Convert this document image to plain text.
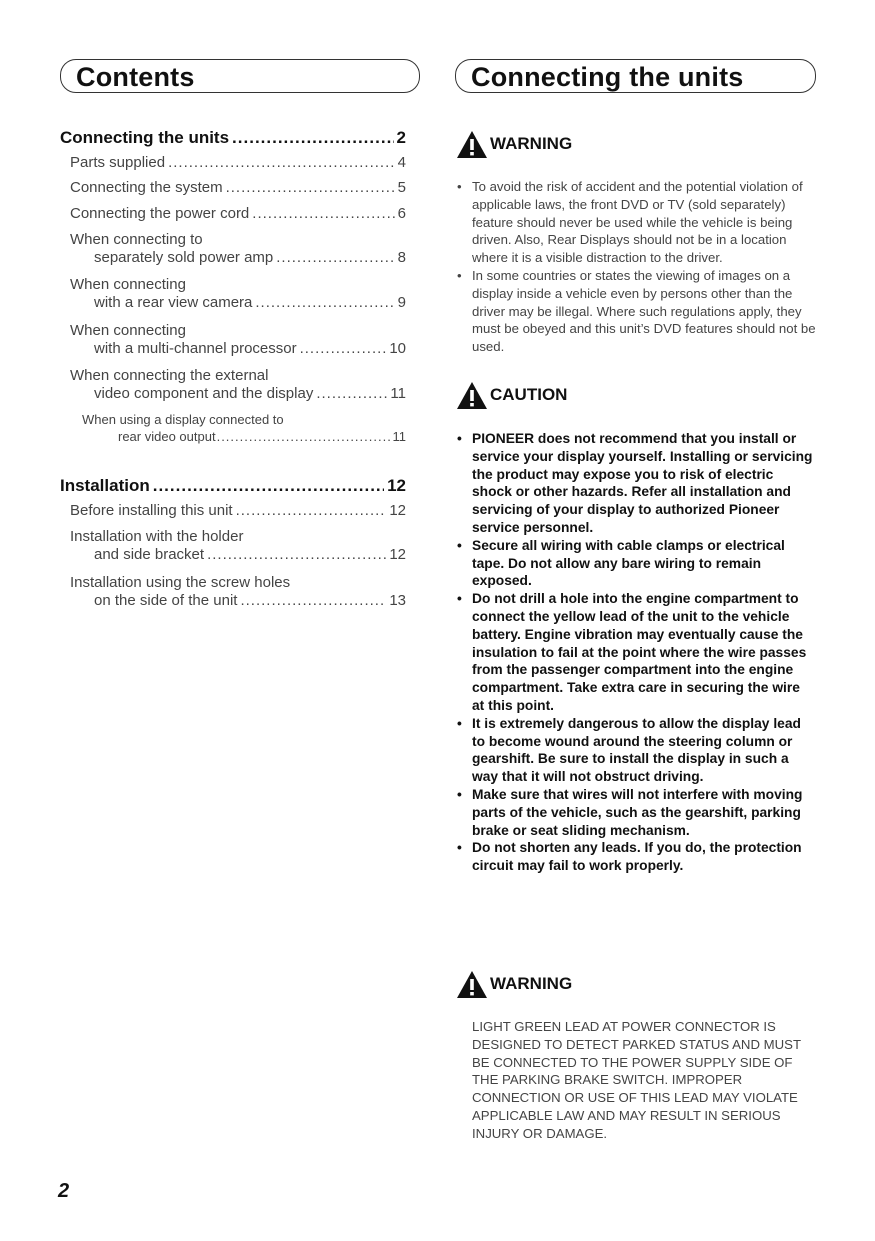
Contents	Connecting the units
Connecting the units .....	2
Parts supplied .....	4
Connecting the system .....	5
Connecting the power cord .....	6
When connecting to
separately sold power amp .....	8
When connecting
with a rear view camera .....	9
When connecting
with a multi-channel processor .....	10
When connecting the external
video component and the display .....	11
When using a display connected to
rear video output .....	11
Installation .....	12
Before installing this unit .....	12
Installation with the holder
and side bracket .....	12
Installation using the screw holes
on the side of the unit .....	13
WARNING
• To avoid the risk of accident and the potential violation of applicable laws, the front DVD or TV (sold separately) feature should never be used while the vehicle is being driven. Also, Rear Displays should not be in a location where it is a visible distraction to the driver.
• In some countries or states the viewing of images on a display inside a vehicle even by persons other than the driver may be illegal. Where such regulations apply, they must be obeyed and this unit’s DVD features should not be used.
CAUTION
• PIONEER does not recommend that you install or service your display yourself. Installing or servicing the product may expose you to risk of electric shock or other hazards. Refer all installation and servicing of your display to authorized Pioneer service personnel.
• Secure all wiring with cable clamps or electrical tape. Do not allow any bare wiring to remain exposed.
• Do not drill a hole into the engine compartment to connect the yellow lead of the unit to the vehicle battery. Engine vibration may eventually cause the insulation to fail at the point where the wire passes from the passenger compartment into the engine compartment. Take extra care in securing the wire at this point.
• It is extremely dangerous to allow the display lead to become wound around the steering column or gearshift. Be sure to install the display in such a way that it will not obstruct driving.
• Make sure that wires will not interfere with moving parts of the vehicle, such as the gearshift, parking brake or seat sliding mechanism.
• Do not shorten any leads. If you do, the protection circuit may fail to work properly.
WARNING

LIGHT GREEN LEAD AT POWER CONNECTOR IS DESIGNED TO DETECT PARKED STATUS AND MUST BE CONNECTED TO THE POWER SUPPLY SIDE OF THE PARKING BRAKE SWITCH. IMPROPER CONNECTION OR USE OF THIS LEAD MAY VIOLATE APPLICABLE LAW AND MAY RESULT IN SERIOUS INJURY OR DAMAGE.

2
